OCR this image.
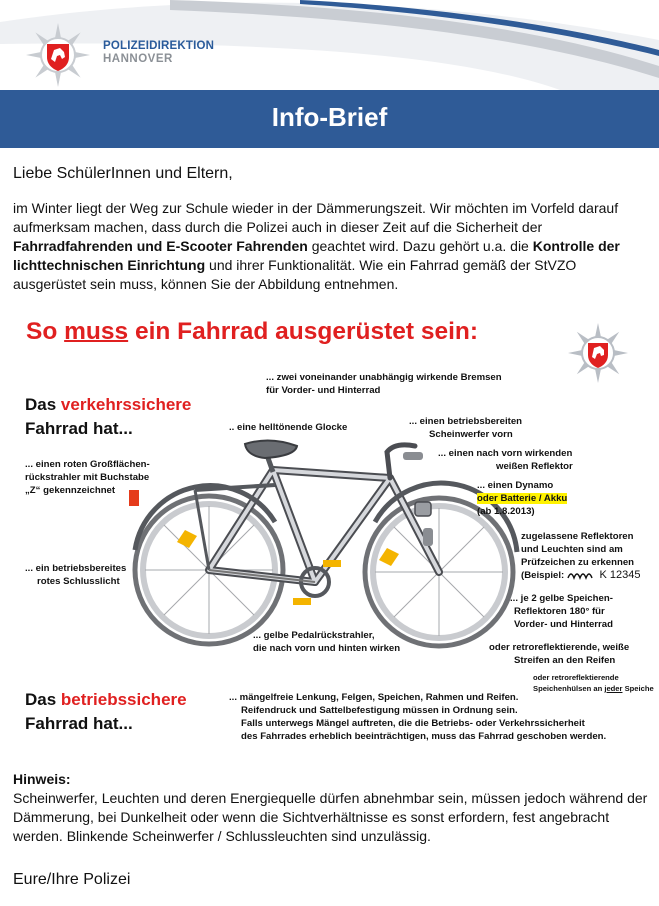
POLIZEIDIREKTION
HANNOVER
Info-Brief
Liebe SchülerInnen und Eltern,
im Winter liegt der Weg zur Schule wieder in der Dämmerungszeit. Wir möchten im Vorfeld darauf aufmerksam machen, dass durch die Polizei auch in dieser Zeit auf die Sicherheit der Fahrradfahrenden und E-Scooter Fahrenden geachtet wird. Dazu gehört u.a. die Kontrolle der lichttechnischen Einrichtung und ihrer Funktionalität. Wie ein Fahrrad gemäß der StVZO ausgerüstet sein muss, können Sie der Abbildung entnehmen.
So muss ein Fahrrad ausgerüstet sein:
Das verkehrssichere
Fahrrad hat...
Das betriebssichere
Fahrrad hat...
... zwei voneinander unabhängig wirkende Bremsen
für Vorder- und Hinterrad
.. eine helltönende Glocke
... einen betriebsbereiten
Scheinwerfer vorn
... einen nach vorn wirkenden
weißen Reflektor
... einen roten Großflächen-
rückstrahler mit Buchstabe
„Z“ gekennzeichnet	... einen Dynamo
oder Batterie / Akku
(ab 1.8.2013)
zugelassene Reflektoren
und Leuchten sind am
Prüfzeichen zu erkennen
(Beispiel:	K 12345
... ein betriebsbereites
rotes Schlusslicht
... je 2 gelbe Speichen-
Reflektoren 180° für
Vorder- und Hinterrad
... gelbe Pedalrückstrahler,
die nach vorn und hinten wirken	oder retroreflektierende, weiße
Streifen an den Reifen
oder retroreflektierende
Speichenhülsen an jeder Speiche
... mängelfreie Lenkung, Felgen, Speichen, Rahmen und Reifen.
Reifendruck und Sattelbefestigung müssen in Ordnung sein.
Falls unterwegs Mängel auftreten, die die Betriebs- oder Verkehrssicherheit
des Fahrrades erheblich beeinträchtigen, muss das Fahrrad geschoben werden.
Hinweis:
Scheinwerfer, Leuchten und deren Energiequelle dürfen abnehmbar sein, müssen jedoch während der Dämmerung, bei Dunkelheit oder wenn die Sichtverhältnisse es sonst erfordern, fest angebracht werden. Blinkende Scheinwerfer / Schlussleuchten sind unzulässig.
Eure/Ihre Polizei
